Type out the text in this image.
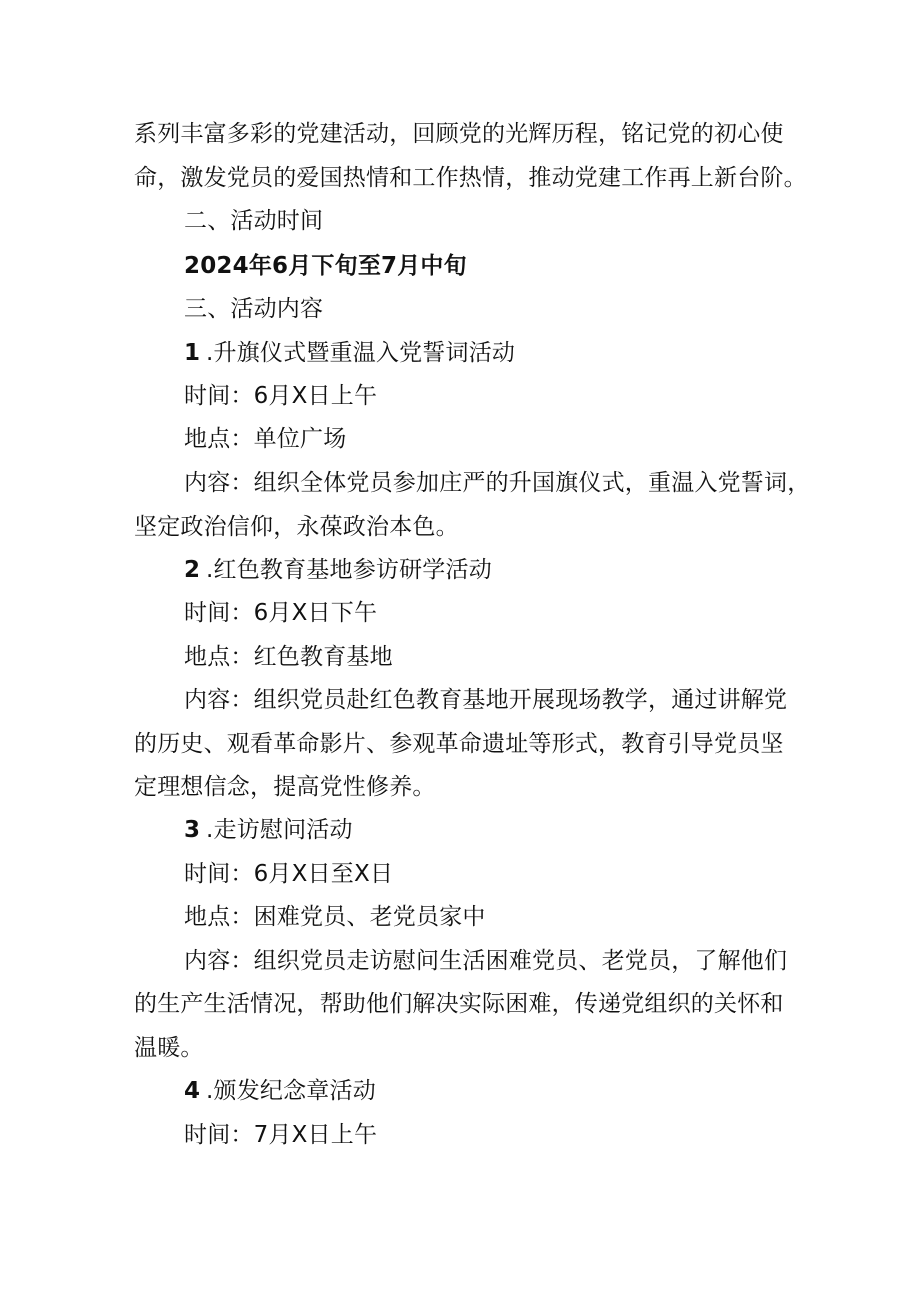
系列丰富多彩的党建活动，回顾党的光辉历程，铭记党的初心使
命，激发党员的爱国热情和工作热情，推动党建工作再上新台阶。
二、活动时间
2024年6月下旬至7月中旬
三、活动内容
1 .升旗仪式暨重温入党誓词活动
时间：6月X日上午
地点：单位广场
内容：组织全体党员参加庄严的升国旗仪式，重温入党誓词，
坚定政治信仰，永葆政治本色。
2 .红色教育基地参访研学活动
时间：6月X日下午
地点：红色教育基地
内容：组织党员赴红色教育基地开展现场教学，通过讲解党
的历史、观看革命影片、参观革命遗址等形式，教育引导党员坚
定理想信念，提高党性修养。
3 .走访慰问活动
时间：6月X日至X日
地点：困难党员、老党员家中
内容：组织党员走访慰问生活困难党员、老党员，了解他们
的生产生活情况，帮助他们解决实际困难，传递党组织的关怀和
温暖。
4 .颁发纪念章活动
时间：7月X日上午
